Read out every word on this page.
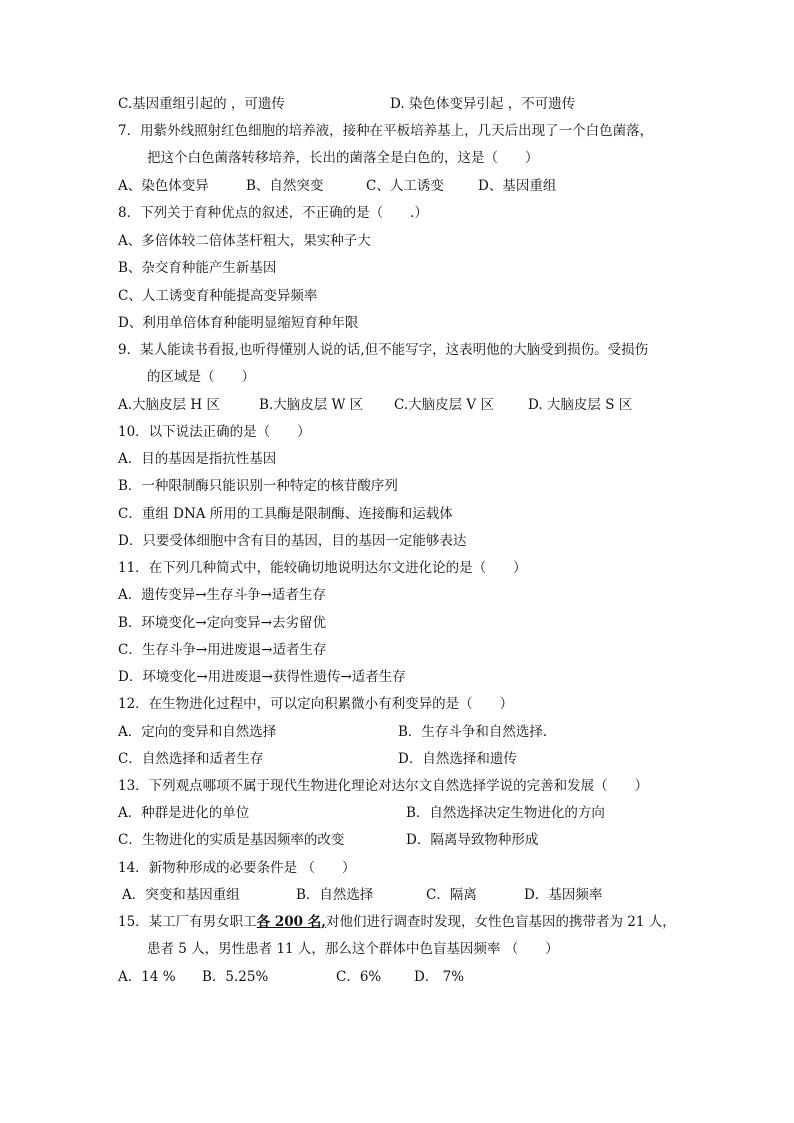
C.基因重组引起的 ，可遗传	D. 染色体变异引起 ，不可遗传
7．用紫外线照射红色细胞的培养液，接种在平板培养基上，几天后出现了一个白色菌落，
把这个白色菌落转移培养，长出的菌落全是白色的，这是（　　）
A、染色体变异	B、自然突变	C、人工诱变	D、基因重组
8．下列关于育种优点的叙述，不正确的是（　　.）
A、多倍体较二倍体茎杆粗大，果实种子大
B、杂交育种能产生新基因
C、人工诱变育种能提高变异频率
D、利用单倍体育种能明显缩短育种年限
9．某人能读书看报,也听得懂别人说的话,但不能写字，这表明他的大脑受到损伤。受损伤
的区域是（　　）
A.大脑皮层 H 区	B.大脑皮层 W 区 C.大脑皮层 V 区	D. 大脑皮层 S 区
10．以下说法正确的是（　　）
A．目的基因是指抗性基因
B．一种限制酶只能识别一种特定的核苷酸序列
C．重组 DNA 所用的工具酶是限制酶、连接酶和运载体
D．只要受体细胞中含有目的基因，目的基因一定能够表达
11．在下列几种简式中，能较确切地说明达尔文进化论的是（　　）
A．遗传变异→生存斗争→适者生存
B．环境变化→定向变异→去劣留优
C．生存斗争→用进废退→适者生存
D．环境变化→用进废退→获得性遗传→适者生存
12．在生物进化过程中，可以定向积累微小有利变异的是（　　）
A．定向的变异和自然选择	B．生存斗争和自然选择.
C．自然选择和适者生存	D．自然选择和遗传
13．下列观点哪项不属于现代生物进化理论对达尔文自然选择学说的完善和发展（　　）
A．种群是进化的单位	B．自然选择决定生物进化的方向
C．生物进化的实质是基因频率的改变	D．隔离导致物种形成
14．新物种形成的必要条件是 （　　）
A．突变和基因重组	B．自然选择	C．隔离	D．基因频率
15．某工厂有男女职工各 200 名,对他们进行调查时发现，女性色盲基因的携带者为 21 人，
患者 5 人，男性患者 11 人，那么这个群体中色盲基因频率 （　　）
A．14 % B．5.25%	C．6% D． 7%
